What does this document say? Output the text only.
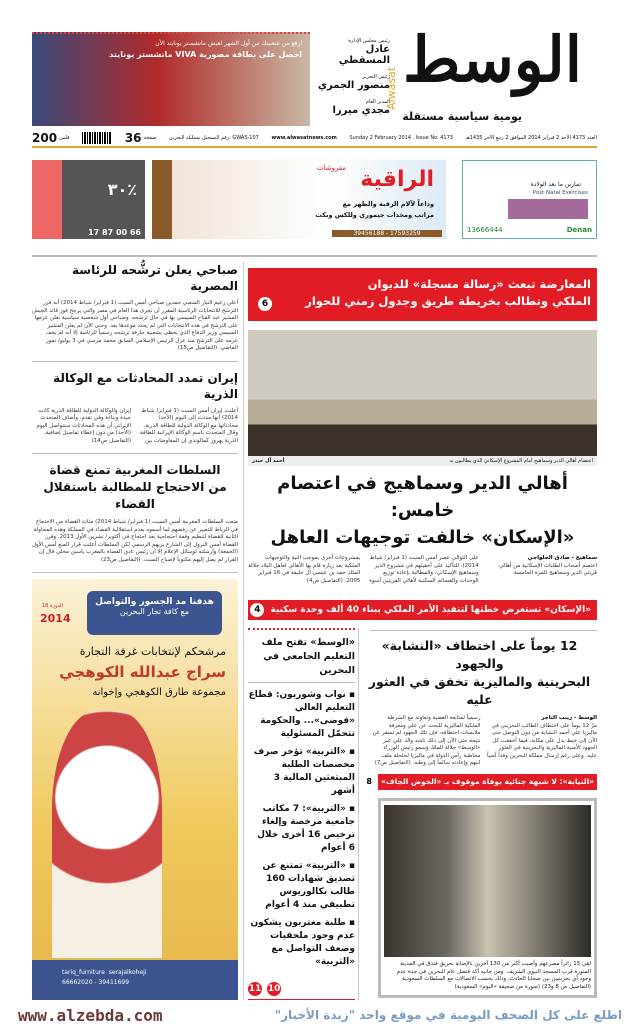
ارفع من شعبيتك من أول الشهر لعيش مانشستر يونايتد الأن
احصل على بطاقة مصورية VIVA مانشستر يونايتد
رئيس مجلس الإدارة
عادل المسقطي
رئيس التحرير
منصور الجمري
المدير العام
مجدي ميرزا
Alwasat الوسط
يومية سياسية مستقلة
200 فلس	36 صفحة	رقم التسجيل بمملكة البحرين: GWAS-107	www.alwasatnews.com	Sunday 2 February 2014 . Issue No. 4173	العدد 4173 الأحد 2 فبراير 2014 الموافق 2 ربيع الآخر 1435هـ
٣٠٪
17 87 00 66
مفروشات الراقية
وداعاً لآلام الرقبة والظهر مع
مراتب ومخدات جيموري وللكس وبكث
39456188 - 17593259
تمارين ما بعد الولادة
Post Natal Exercises
13666444	Denan
صباحي يعلن ترشُّحه للرئاسة المصرية
أعلن زعيم التيار الشعبي حمدين صباحي أمس السبت (1 فبراير/ شباط 2014) أنه قرر الترشح للانتخابات الرئاسية المقرر أن تجرى هذا العام في مصر والتي يرجح فوز قائد الجيش المشير عبد الفتاح السيسي بها في حال ترشحه. وصباحي أول شخصية سياسية تعلن عزمها على الترشح في هذه الانتخابات التي لم يحدد موعدها بعد. وحتى الآن لم يعلن المشير السيسي وزير الدفاع الذي يحظى بشعبية جارفة ترشحه رسمياً للرئاسة إلا أنه لم يخف عزمه على الترشح منذ عزل الرئيس الإسلامي السابق محمد مرسي في 3 يوليو/ تموز الماضي. (التفاصيل ص15)
إيران تمدد المحادثات مع الوكالة الذرية
أعلنت إيران أمس السبت (1 فبراير/ شباط 2014) أنها مددت إلى اليوم (الأحد) محادثاتها مع الوكالة الدولية للطاقة الذرية. وقال المتحدث باسم الوكالة الإيرانية للطاقة الذرية بهروز كمالوندي إن المفاوضات بين إيران والوكالة الدولية للطاقة الذرية كانت جيدة وبناءة وفي تقدم. وأضاف المتحدث الإيراني أن هذه المحادثات ستتواصل اليوم (الأحد) من دون إعطاء تفاصيل إضافية. (التفاصيل ص14)
السلطات المغربية تمنع قضاة
من الاحتجاج للمطالبة باستقلال القضاء
منعت السلطات المغربية أمس السبت (1 فبراير/ شباط 2014) مئات القضاة من الاحتجاج في الرباط للتعبير عن رفضهم لما أسموه بعدم استقلالية القضاء في المملكة وهذه المحاولة الثانية للقضاة لتنظيم وقفة احتجاجية بعد احتجاج في أكتوبر/ تشرين الأول 2013. وقرر القضاة أمس النزول إلى الشارع بزيهم الرسمي لكن السلطات أعلنت قرار المنع أمس الأول (الجمعة) وأرسلته لوسائل الإعلام إلا أن رئيس نادي القضاة بالمغرب ياسين مخلي قال إن القرار لم يصل إليهم مكتوباً لإصباح السبت. (التفاصيل ص23)
هدفنا مد الجسور والتواصل
مع كافة تجار البحرين
الدورة 18
2014
مرشحكم لإنتخابات غرفة التجارة
سراج عبدالله الكوهجي
مجموعة طارق الكوهجي وإخوانه
tariq_furniture serajalkoheji
66662020 - 39411699
المعارضة تبعث «رسالة مسجلة» للديوان
الملكي وتطالب بخريطة طريق وجدول زمني للحوار
6
أحمد آل حيدر	اعتصام أهالي الدير وسماهيج أمام المشروع الإسكاني الذي يطالبون به
أهالي الدير وسماهيج في اعتصام خامس:
«الإسكان» خالفت توجيهات العاهل
سماهيج - صادق الحلواجي
اعتصم أصحاب الطلبات الإسكانية من أهالي قريتي الدير وسماهيج للمرة الخامسة
على التوالي عصر أمس السبت (1 فبراير/ شباط 2014)، للتأكيد على أحقيتهم في مشروع الدير وسماهيج الإسكاني، والمطالبة بإعادة توزيع الوحدات والقسائم السكنية لأهالي القريتين أسوة
بمشروعات أخرى بموجب النية والتوجيهات الملكية بعد زيارة قام بها الأهالي لعاهل البلاد جلالة الملك حمد بن عيسى آل خليفة في 16 فبراير 2005. (التفاصيل ص4)
«الإسكان» تستعرض خطتها لتنفيذ الأمر الملكي ببناء 40 ألف وحدة سكنية
4
«الوسط» تفتح ملف التعليم الجامعي في البحرين
▪ نواب وشوريون: قطاع التعليم العالي «فوضى»... والحكومة تتحمّل المسئولية
▪ «التربية» تؤخر صرف مخصصات الطلبة المبتعثين المالية 3 أشهر
▪ «التربية»: 7 مكاتب جامعية مرخصة وإلغاء ترخيص 16 أخرى خلال 6 أعوام
▪ «التربية» تمتنع عن تصديق شهادات 160 طالب بكالوريوس تطبيقي منذ 4 أعوام
▪ طلبة مغتربون يشكون عدم وجود ملحقيات وضعف التواصل مع «التربية»
11 10
12 يوماً على اختطاف «النشابة» والجهود
البحرينية والماليزية تخفق في العثور عليه
الوسط - زينب التاجر
مرّ 12 يوماً على اختطاف الطالب البحريني في ماليزيا علي أحمد النشابة من دون التوصل حتى الآن إلى خيط يدل على مكانه، فيما أخفقت كل الجهود الأمنية الماليزية والبحرينية في العثور عليه. وعلى رغم إرسال مملكة البحرين وفداً أمنياً
رسمياً لمتابعة القضية وتعاونه مع الشرطة الملكية الماليزية للبحث عن علي ومعرفة ملابسات اختطافه، فإن تلك الجهود لم تسفر عن نتيجة حتى الآن إلى ذلك ناشد والد علي عبر «الوسط» جلالة الملك وسمو رئيس الوزراء مخاطبة رأس الدولة في ماليزيا لحلحلة ملف ابنهم وإعادته سالماً إلى وطنه. (التفاصيل ص7)
«النيابة»: لا شبهة جنائية بوفاة موقوف بـ «الحوض الجاف»
8
لقي 15 زائراً مصرعهم وأصيب أكثر من 130 آخرين بالإصابة بحريق فندق في المدينة المنورة قرب المسجد النبوي الشريف. ومن جانبه أكد قنصل عام البحرين في جدة عدم وجود أي بحرينيين بين ضحايا الحادث، وذلك بحسب الاتصالات مع السلطات السعودية (التفاصيل ص 8 و23) (صورة من صحيفة «اليوم» السعودية)
www.alzebda.com	اطلع على كل الصحف اليومية في موقع واحد "زبدة الأخبار"
